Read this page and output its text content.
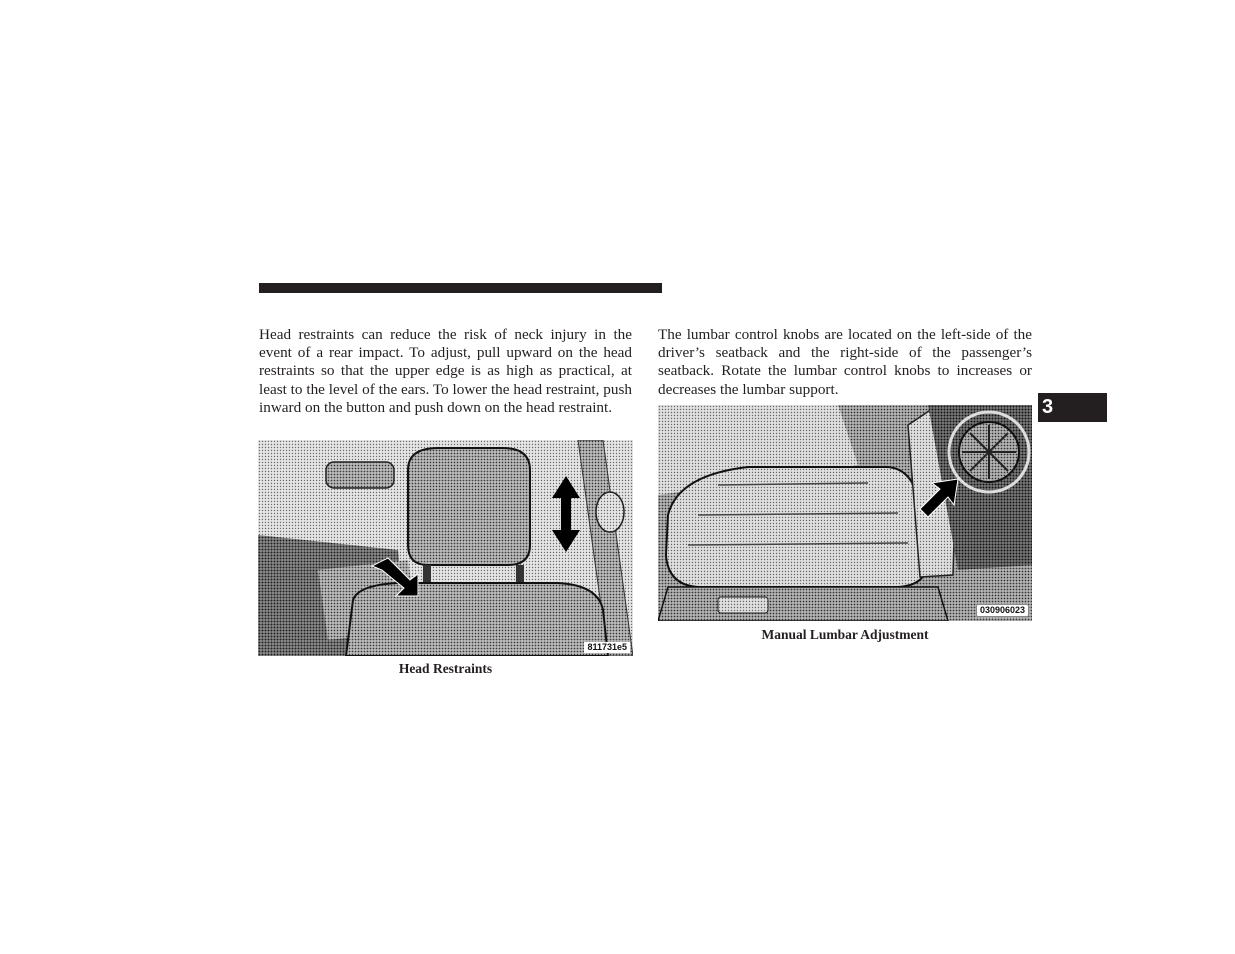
Head restraints can reduce the risk of neck injury in the event of a rear impact. To adjust, pull upward on the head restraints so that the upper edge is as high as practical, at least to the level of the ears. To lower the head restraint, push inward on the button and push down on the head restraint.

811731e5

Head Restraints

The lumbar control knobs are located on the left-side of the driver’s seatback and the right-side of the passenger’s seatback. Rotate the lumbar control knobs to increases or decreases the lumbar support.

030906023

Manual Lumbar Adjustment

3
